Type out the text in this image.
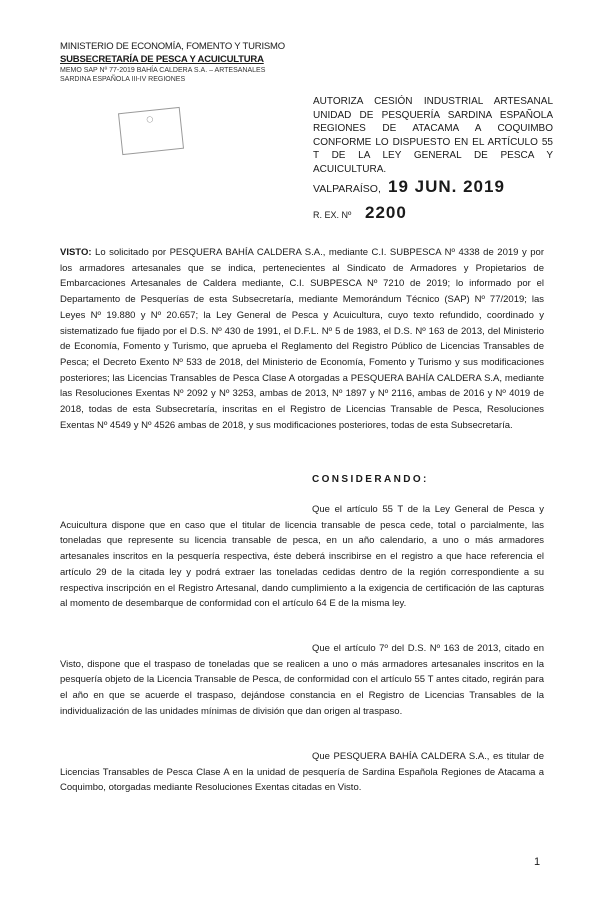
MINISTERIO DE ECONOMÍA, FOMENTO Y TURISMO
SUBSECRETARÍA DE PESCA Y ACUICULTURA
MEMO SAP Nº 77-2019 BAHÍA CALDERA S.A. – ARTESANALES
SARDINA ESPAÑOLA III-IV REGIONES
◯
AUTORIZA CESIÓN INDUSTRIAL ARTESANAL UNIDAD DE PESQUERÍA SARDINA ESPAÑOLA REGIONES DE ATACAMA A COQUIMBO CONFORME LO DISPUESTO EN EL ARTÍCULO 55 T DE LA LEY GENERAL DE PESCA Y ACUICULTURA.
VALPARAÍSO, 19 JUN. 2019
R. EX. Nº 2200
VISTO: Lo solicitado por PESQUERA BAHÍA CALDERA S.A., mediante C.I. SUBPESCA Nº 4338 de 2019 y por los armadores artesanales que se indica, pertenecientes al Sindicato de Armadores y Propietarios de Embarcaciones Artesanales de Caldera mediante, C.I. SUBPESCA Nº 7210 de 2019; lo informado por el Departamento de Pesquerías de esta Subsecretaría, mediante Memorándum Técnico (SAP) Nº 77/2019; las Leyes Nº 19.880 y Nº 20.657; la Ley General de Pesca y Acuicultura, cuyo texto refundido, coordinado y sistematizado fue fijado por el D.S. Nº 430 de 1991, el D.F.L. Nº 5 de 1983, el D.S. Nº 163 de 2013, del Ministerio de Economía, Fomento y Turismo, que aprueba el Reglamento del Registro Público de Licencias Transables de Pesca; el Decreto Exento Nº 533 de 2018, del Ministerio de Economía, Fomento y Turismo y sus modificaciones posteriores; las Licencias Transables de Pesca Clase A otorgadas a PESQUERA BAHÍA CALDERA S.A, mediante las Resoluciones Exentas Nº 2092 y Nº 3253, ambas de 2013, Nº 1897 y Nº 2116, ambas de 2016 y Nº 4019 de 2018, todas de esta Subsecretaría, inscritas en el Registro de Licencias Transable de Pesca, Resoluciones Exentas Nº 4549 y Nº 4526 ambas de 2018, y sus modificaciones posteriores, todas de esta Subsecretaría.
CONSIDERANDO:
Que el artículo 55 T de la Ley General de Pesca y Acuicultura dispone que en caso que el titular de licencia transable de pesca cede, total o parcialmente, las toneladas que represente su licencia transable de pesca, en un año calendario, a uno o más armadores artesanales inscritos en la pesquería respectiva, éste deberá inscribirse en el registro a que hace referencia el artículo 29 de la citada ley y podrá extraer las toneladas cedidas dentro de la región correspondiente a su respectiva inscripción en el Registro Artesanal, dando cumplimiento a la exigencia de certificación de las capturas al momento de desembarque de conformidad con el artículo 64 E de la misma ley.
Que el artículo 7º del D.S. Nº 163 de 2013, citado en Visto, dispone que el traspaso de toneladas que se realicen a uno o más armadores artesanales inscritos en la pesquería objeto de la Licencia Transable de Pesca, de conformidad con el artículo 55 T antes citado, regirán para el año en que se acuerde el traspaso, dejándose constancia en el Registro de Licencias Transables de la individualización de las unidades mínimas de división que dan origen al traspaso.
Que PESQUERA BAHÍA CALDERA S.A., es titular de Licencias Transables de Pesca Clase A en la unidad de pesquería de Sardina Española Regiones de Atacama a Coquimbo, otorgadas mediante Resoluciones Exentas citadas en Visto.
1
